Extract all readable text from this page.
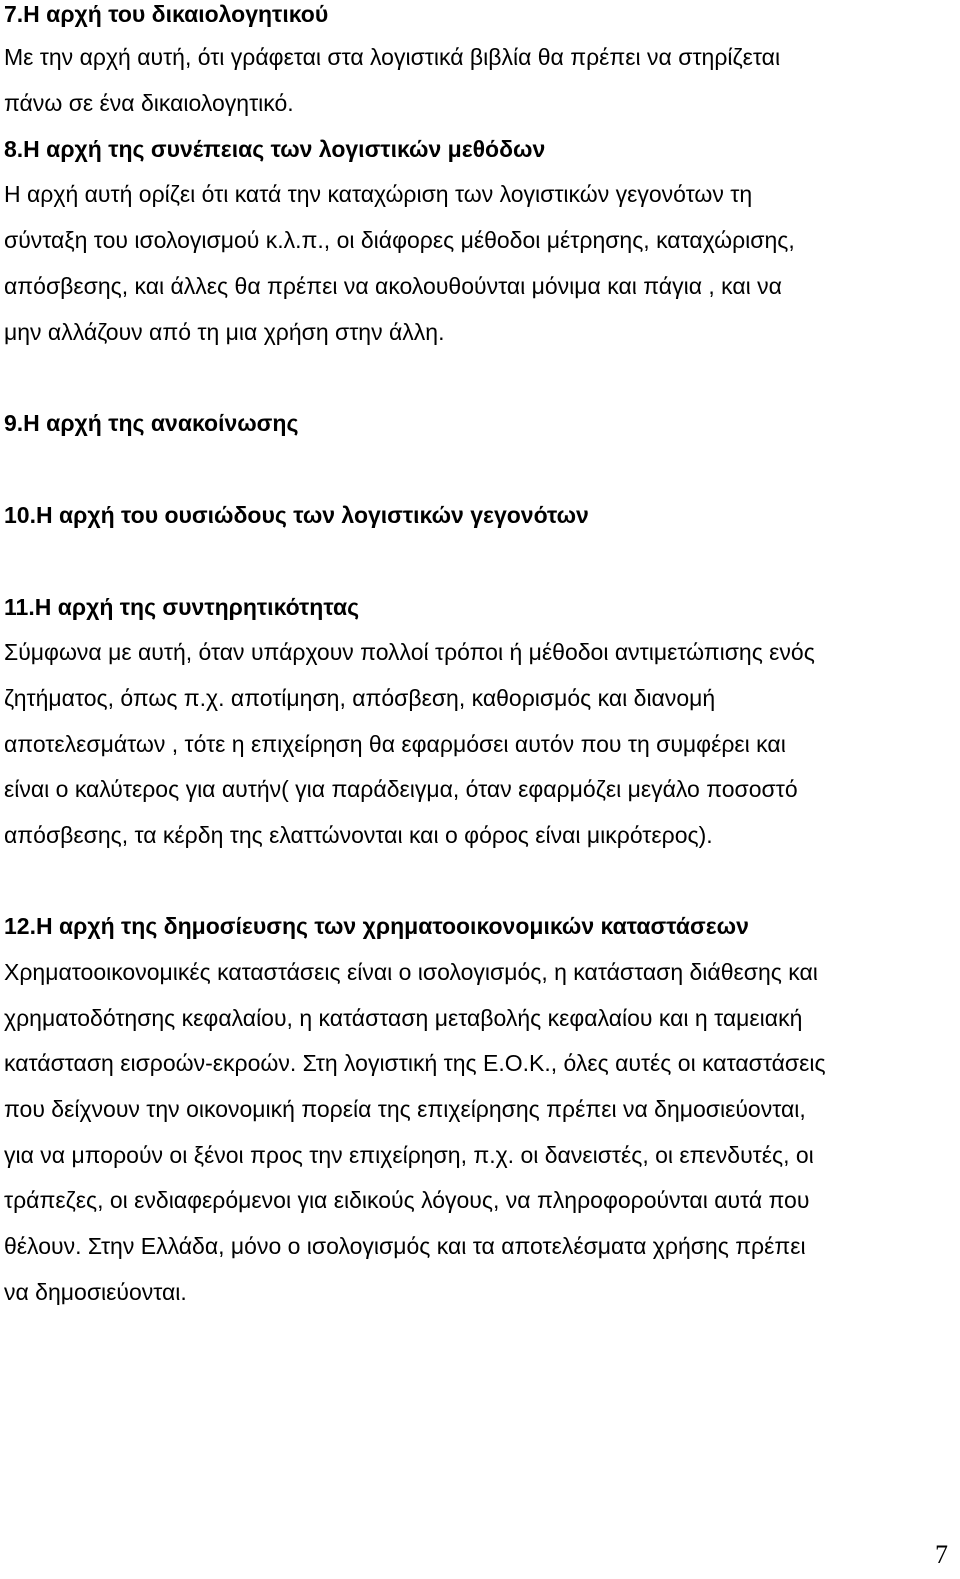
7.Η αρχή του δικαιολογητικού
Με την αρχή αυτή, ότι γράφεται στα λογιστικά βιβλία θα πρέπει να στηρίζεται
πάνω σε ένα δικαιολογητικό.
8.Η αρχή της συνέπειας των λογιστικών μεθόδων
Η αρχή αυτή ορίζει ότι κατά την καταχώριση των λογιστικών γεγονότων τη
σύνταξη του ισολογισμού κ.λ.π., οι διάφορες μέθοδοι μέτρησης, καταχώρισης,
απόσβεσης, και άλλες θα πρέπει να ακολουθούνται μόνιμα και πάγια , και να
μην αλλάζουν από τη μια χρήση στην άλλη.
9.Η αρχή της ανακοίνωσης
10.Η αρχή του ουσιώδους των λογιστικών γεγονότων
11.Η αρχή της συντηρητικότητας
Σύμφωνα με αυτή, όταν υπάρχουν πολλοί τρόποι ή μέθοδοι αντιμετώπισης ενός
ζητήματος, όπως π.χ. αποτίμηση, απόσβεση, καθορισμός και διανομή
αποτελεσμάτων , τότε η επιχείρηση θα εφαρμόσει αυτόν που τη συμφέρει και
είναι ο καλύτερος για αυτήν( για παράδειγμα, όταν εφαρμόζει μεγάλο ποσοστό
απόσβεσης, τα κέρδη της ελαττώνονται και ο φόρος είναι μικρότερος).
12.Η αρχή της δημοσίευσης των χρηματοοικονομικών καταστάσεων
Χρηματοοικονομικές καταστάσεις είναι ο ισολογισμός, η κατάσταση διάθεσης και
χρηματοδότησης κεφαλαίου, η κατάσταση μεταβολής κεφαλαίου και η ταμειακή
κατάσταση εισροών-εκροών. Στη λογιστική της Ε.Ο.Κ., όλες αυτές οι καταστάσεις
που δείχνουν την οικονομική πορεία της επιχείρησης πρέπει να δημοσιεύονται,
για να μπορούν οι ξένοι προς την επιχείρηση, π.χ. οι δανειστές, οι επενδυτές, οι
τράπεζες, οι ενδιαφερόμενοι για ειδικούς λόγους, να πληροφορούνται αυτά που
θέλουν. Στην Ελλάδα, μόνο ο ισολογισμός και τα αποτελέσματα χρήσης πρέπει
να δημοσιεύονται.
7
